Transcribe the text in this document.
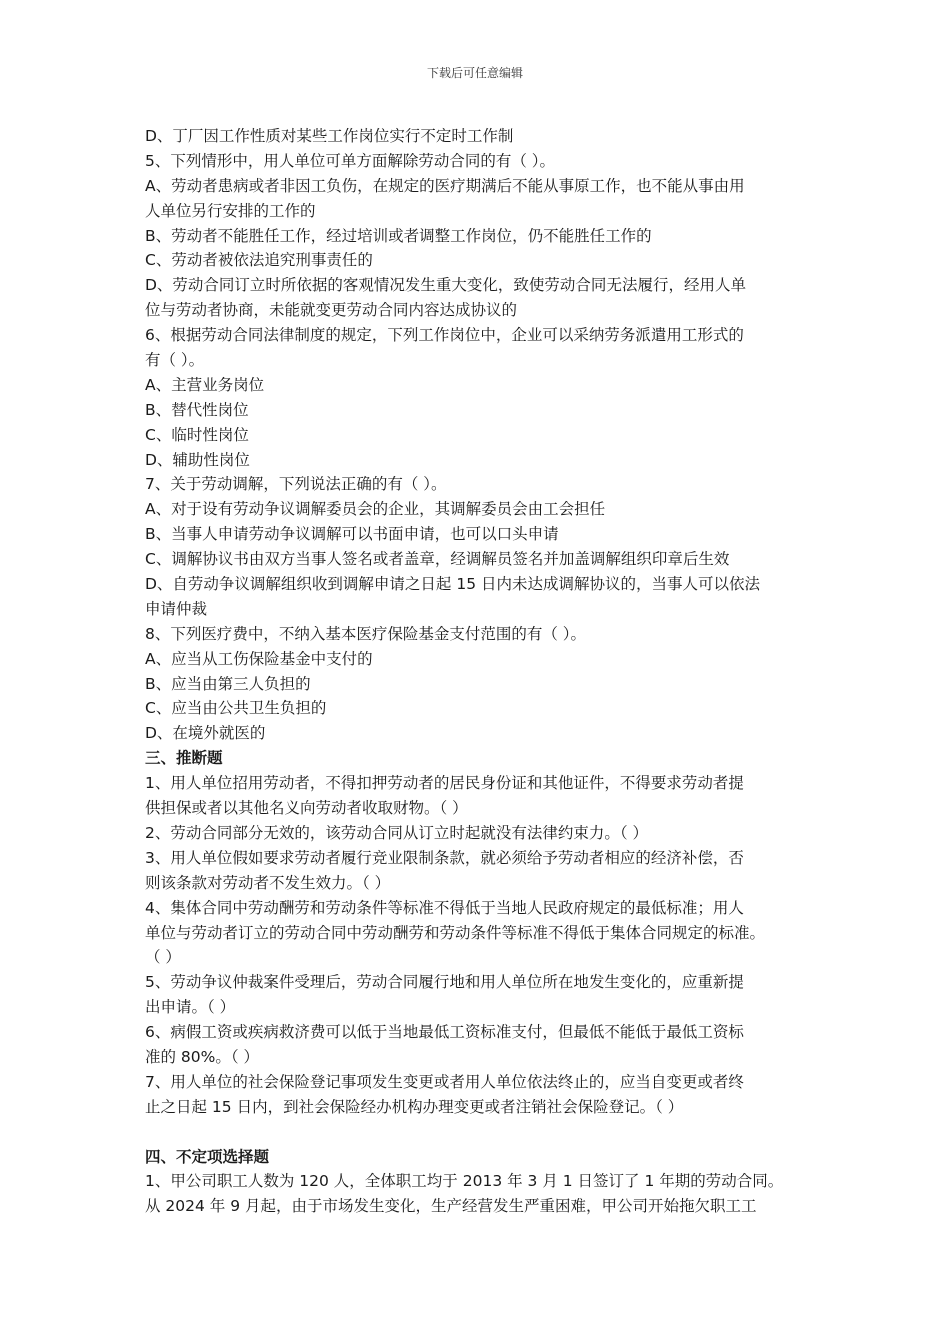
下载后可任意编辑
D、丁厂因工作性质对某些工作岗位实行不定时工作制
5、下列情形中，用人单位可单方面解除劳动合同的有（ ）。
A、劳动者患病或者非因工负伤，在规定的医疗期满后不能从事原工作，也不能从事由用
人单位另行安排的工作的
B、劳动者不能胜任工作，经过培训或者调整工作岗位，仍不能胜任工作的
C、劳动者被依法追究刑事责任的
D、劳动合同订立时所依据的客观情况发生重大变化，致使劳动合同无法履行，经用人单
位与劳动者协商，未能就变更劳动合同内容达成协议的
6、根据劳动合同法律制度的规定，下列工作岗位中，企业可以采纳劳务派遣用工形式的
有（ ）。
A、主营业务岗位
B、替代性岗位
C、临时性岗位
D、辅助性岗位
7、关于劳动调解，下列说法正确的有（ ）。
A、对于设有劳动争议调解委员会的企业，其调解委员会由工会担任
B、当事人申请劳动争议调解可以书面申请，也可以口头申请
C、调解协议书由双方当事人签名或者盖章，经调解员签名并加盖调解组织印章后生效
D、自劳动争议调解组织收到调解申请之日起 15 日内未达成调解协议的，当事人可以依法
申请仲裁
8、下列医疗费中，不纳入基本医疗保险基金支付范围的有（ ）。
A、应当从工伤保险基金中支付的
B、应当由第三人负担的
C、应当由公共卫生负担的
D、在境外就医的
三、推断题
1、用人单位招用劳动者，不得扣押劳动者的居民身份证和其他证件，不得要求劳动者提
供担保或者以其他名义向劳动者收取财物。（ ）
2、劳动合同部分无效的，该劳动合同从订立时起就没有法律约束力。（ ）
3、用人单位假如要求劳动者履行竞业限制条款，就必须给予劳动者相应的经济补偿，否
则该条款对劳动者不发生效力。（ ）
4、集体合同中劳动酬劳和劳动条件等标准不得低于当地人民政府规定的最低标准；用人
单位与劳动者订立的劳动合同中劳动酬劳和劳动条件等标准不得低于集体合同规定的标准。
（ ）
5、劳动争议仲裁案件受理后，劳动合同履行地和用人单位所在地发生变化的，应重新提
出申请。（ ）
6、病假工资或疾病救济费可以低于当地最低工资标准支付，但最低不能低于最低工资标
准的 80%。（ ）
7、用人单位的社会保险登记事项发生变更或者用人单位依法终止的，应当自变更或者终
止之日起 15 日内，到社会保险经办机构办理变更或者注销社会保险登记。（ ）
四、不定项选择题
1、甲公司职工人数为 120 人，全体职工均于 2013 年 3 月 1 日签订了 1 年期的劳动合同。
从 2024 年 9 月起，由于市场发生变化，生产经营发生严重困难，甲公司开始拖欠职工工
